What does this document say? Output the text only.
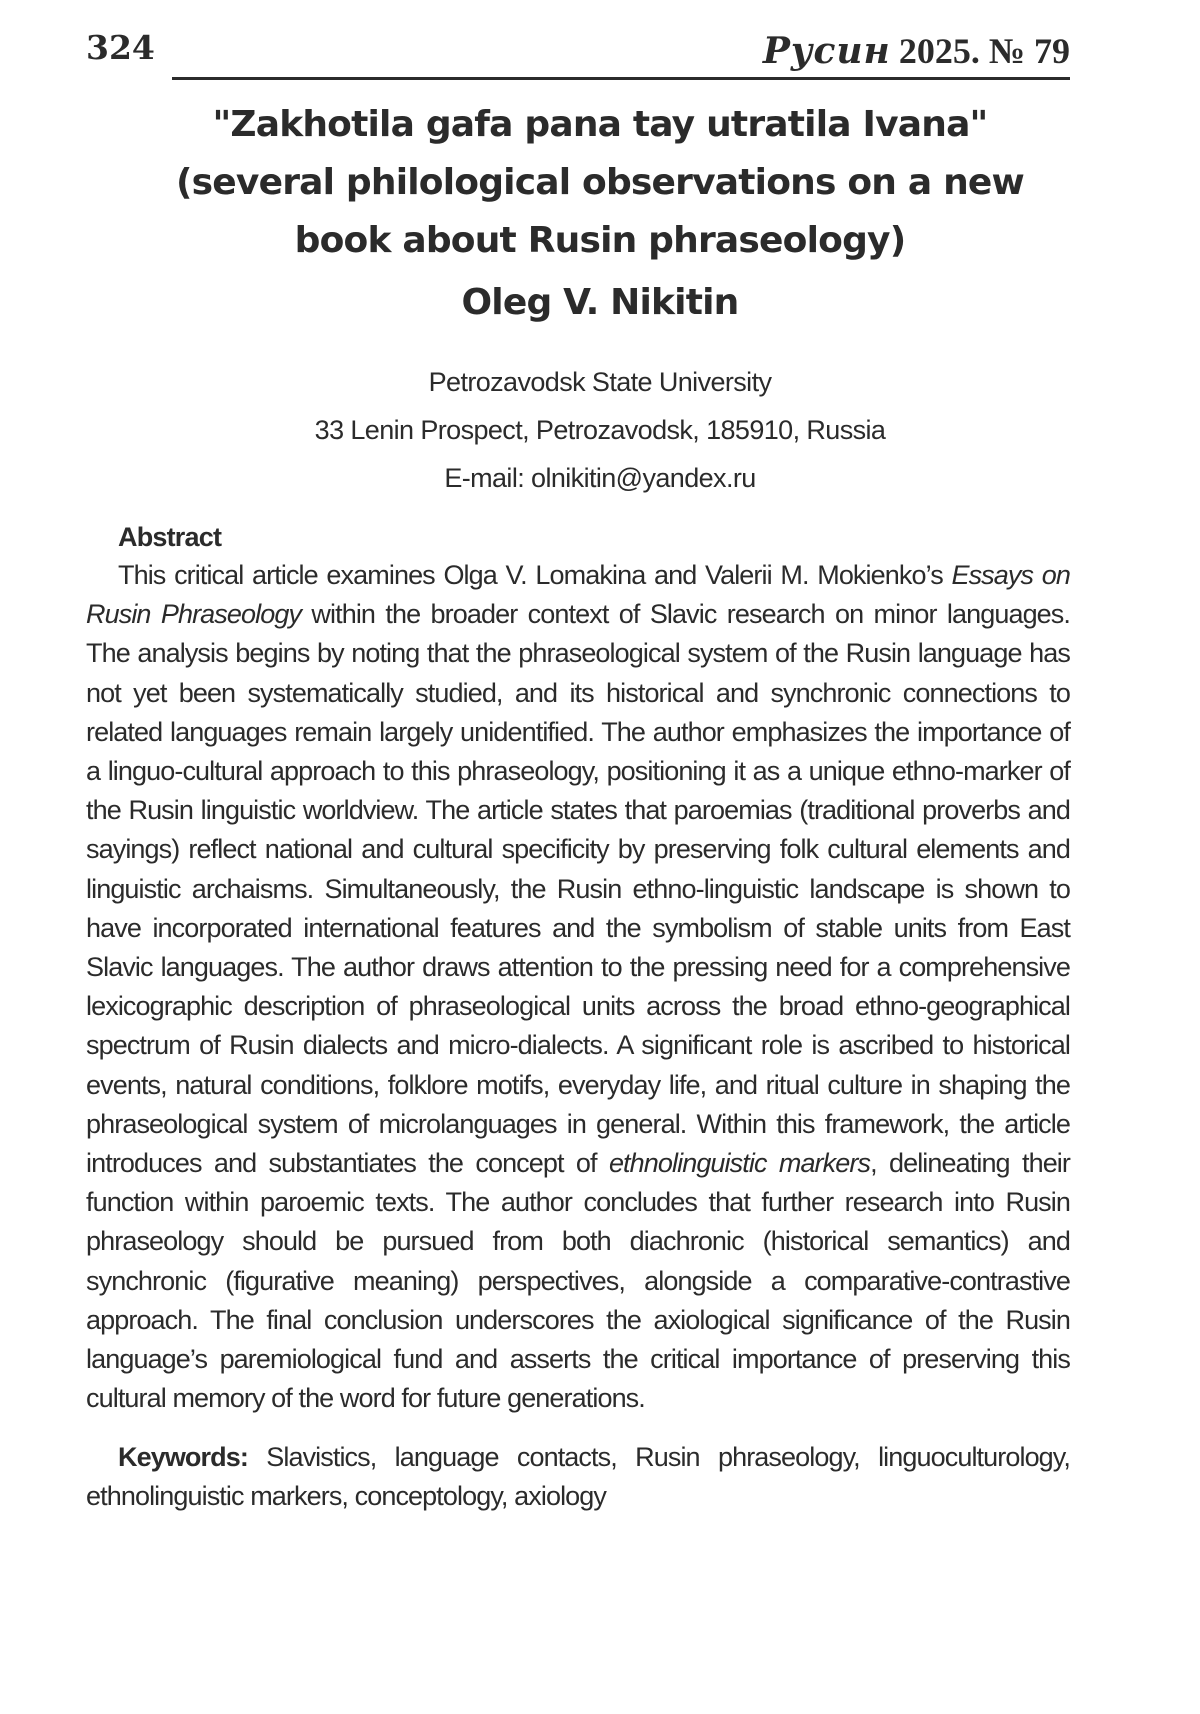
324	Русин 2025. № 79
"Zakhotila gafa pana tay utratila Ivana"
(several philological observations on a new
book about Rusin phraseology)
Oleg V. Nikitin
Petrozavodsk State University
33 Lenin Prospect, Petrozavodsk, 185910, Russia
E-mail: olnikitin@yandex.ru
Abstract

This critical article examines Olga V. Lomakina and Valerii M. Mokienko’s Essays on Rusin Phraseology within the broader context of Slavic research on minor languages. The analysis begins by noting that the phraseological system of the Rusin language has not yet been systematically studied, and its historical and synchronic connections to related languages remain largely unidentified. The author emphasizes the importance of a linguo-cultural approach to this phraseology, positioning it as a unique ethno-marker of the Rusin linguistic worldview. The article states that paroemias (traditional proverbs and sayings) reflect national and cultural specificity by preserving folk cultural elements and linguistic archaisms. Simultaneously, the Rusin ethno-linguistic landscape is shown to have incorporated international features and the symbolism of stable units from East Slavic languages. The author draws attention to the pressing need for a comprehensive lexicographic description of phraseological units across the broad ethno-geographical spectrum of Rusin dialects and micro-dialects. A significant role is ascribed to historical events, natural conditions, folklore motifs, everyday life, and ritual culture in shaping the phraseological system of microlanguages in general. Within this framework, the article introduces and substantiates the concept of ethnolinguistic markers, delineating their function within paroemic texts. The author concludes that further research into Rusin phraseology should be pursued from both diachronic (historical semantics) and synchronic (figurative meaning) perspectives, alongside a comparative-contrastive approach. The final conclusion underscores the axiological significance of the Rusin language’s paremiological fund and asserts the critical importance of preserving this cultural memory of the word for future generations.

Keywords: Slavistics, language contacts, Rusin phraseology, linguoculturology, ethnolinguistic markers, conceptology, axiology
